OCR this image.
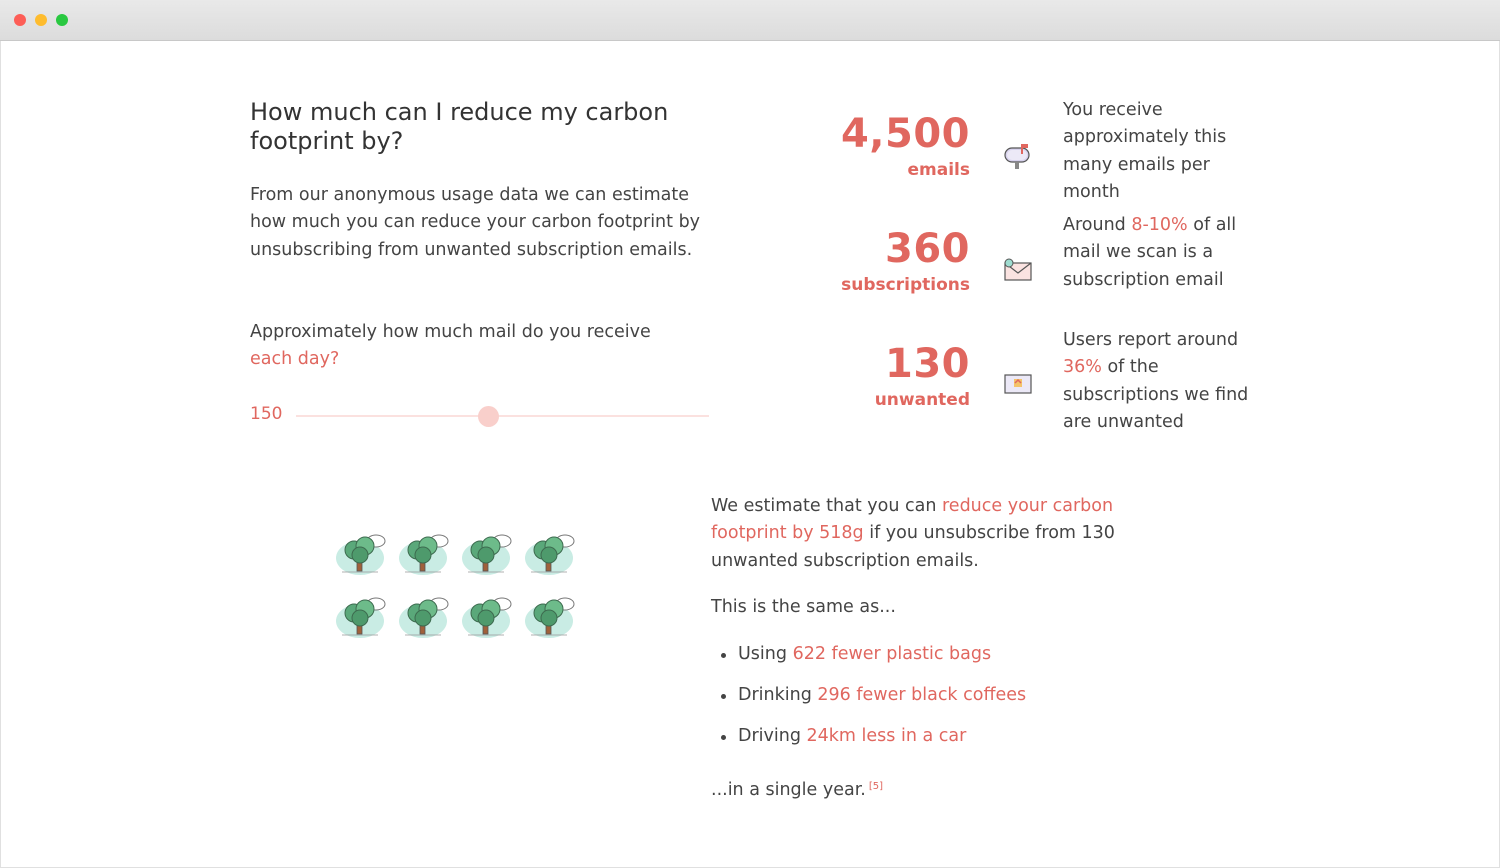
How much can I reduce my carbon footprint by?

From our anonymous usage data we can estimate how much you can reduce your carbon footprint by unsubscribing from unwanted subscription emails.

Approximately how much mail do you receive
each day?

150
4,500
emails
You receive approximately this many emails per month
360
subscriptions
Around 8-10% of all mail we scan is a subscription email
130
unwanted
Users report around 36% of the subscriptions we find are unwanted

We estimate that you can reduce your carbon footprint by 518g if you unsubscribe from 130 unwanted subscription emails.

This is the same as...

Using 622 fewer plastic bags
Drinking 296 fewer black coffees
Driving 24km less in a car

...in a single year. [5]
